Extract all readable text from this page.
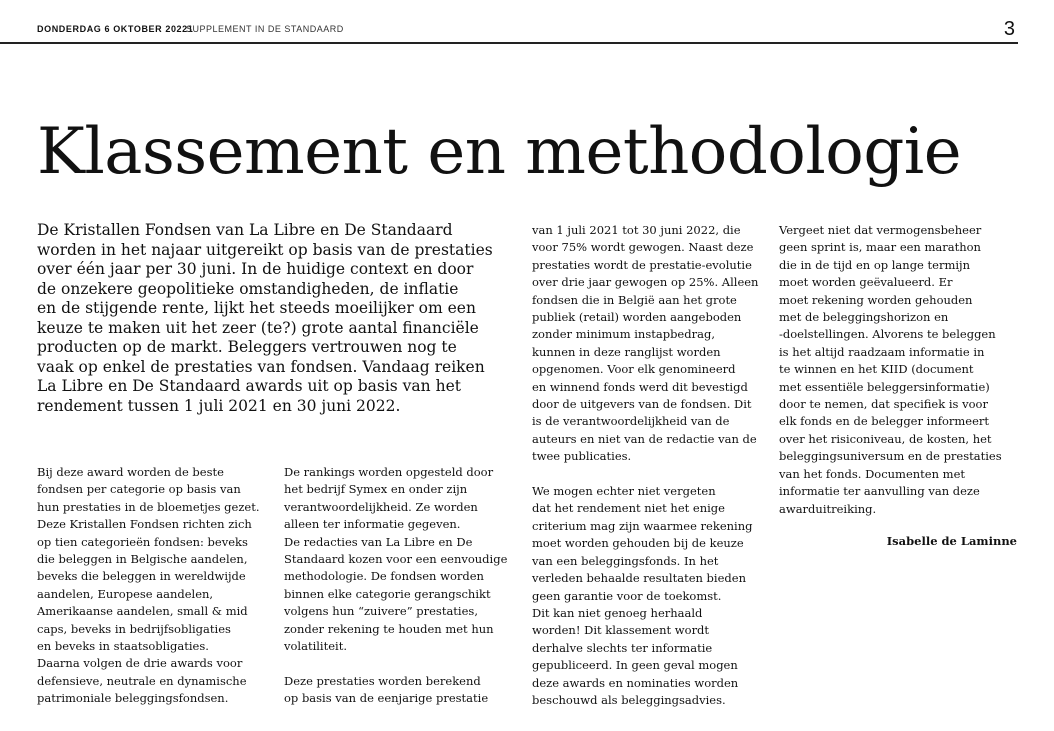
DONDERDAG 6 OKTOBER 20221
SUPPLEMENT IN DE STANDAARD	3
Klassement en methodologie
De Kristallen Fondsen van La Libre en De Standaard
worden in het najaar uitgereikt op basis van de prestaties
over één jaar per 30 juni. In de huidige context en door
de onzekere geopolitieke omstandigheden, de inflatie
en de stijgende rente, lijkt het steeds moeilijker om een
keuze te maken uit het zeer (te?) grote aantal financiële
producten op de markt. Beleggers vertrouwen nog te
vaak op enkel de prestaties van fondsen. Vandaag reiken
La Libre en De Standaard awards uit op basis van het
rendement tussen 1 juli 2021 en 30 juni 2022.
Bij deze award worden de beste
fondsen per categorie op basis van
hun prestaties in de bloemetjes gezet.
Deze Kristallen Fondsen richten zich
op tien categorieën fondsen: beveks
die beleggen in Belgische aandelen,
beveks die beleggen in wereldwijde
aandelen, Europese aandelen,
Amerikaanse aandelen, small & mid
caps, beveks in bedrijfsobligaties
en beveks in staatsobligaties.
Daarna volgen de drie awards voor
defensieve, neutrale en dynamische
patrimoniale beleggingsfondsen.
De rankings worden opgesteld door
het bedrijf Symex en onder zijn
verantwoordelijkheid. Ze worden
alleen ter informatie gegeven.
De redacties van La Libre en De
Standaard kozen voor een eenvoudige
methodologie. De fondsen worden
binnen elke categorie gerangschikt
volgens hun “zuivere” prestaties,
zonder rekening te houden met hun
volatiliteit.
Deze prestaties worden berekend
op basis van de eenjarige prestatie
van 1 juli 2021 tot 30 juni 2022, die
voor 75% wordt gewogen. Naast deze
prestaties wordt de prestatie-evolutie
over drie jaar gewogen op 25%. Alleen
fondsen die in België aan het grote
publiek (retail) worden aangeboden
zonder minimum instapbedrag,
kunnen in deze ranglijst worden
opgenomen. Voor elk genomineerd
en winnend fonds werd dit bevestigd
door de uitgevers van de fondsen. Dit
is de verantwoordelijkheid van de
auteurs en niet van de redactie van de
twee publicaties.
We mogen echter niet vergeten
dat het rendement niet het enige
criterium mag zijn waarmee rekening
moet worden gehouden bij de keuze
van een beleggingsfonds. In het
verleden behaalde resultaten bieden
geen garantie voor de toekomst.
Dit kan niet genoeg herhaald
worden! Dit klassement wordt
derhalve slechts ter informatie
gepubliceerd. In geen geval mogen
deze awards en nominaties worden
beschouwd als beleggingsadvies.
Vergeet niet dat vermogensbeheer
geen sprint is, maar een marathon
die in de tijd en op lange termijn
moet worden geëvalueerd. Er
moet rekening worden gehouden
met de beleggingshorizon en
-doelstellingen. Alvorens te beleggen
is het altijd raadzaam informatie in
te winnen en het KIID (document
met essentiële beleggersinformatie)
door te nemen, dat specifiek is voor
elk fonds en de belegger informeert
over het risiconiveau, de kosten, het
beleggingsuniversum en de prestaties
van het fonds. Documenten met
informatie ter aanvulling van deze
awarduitreiking.
Isabelle de Laminne
